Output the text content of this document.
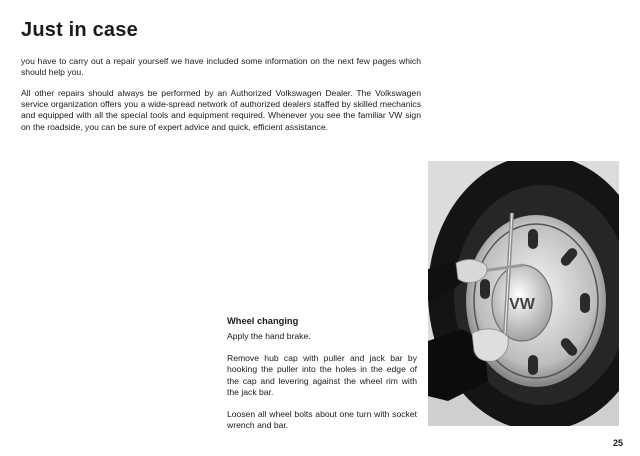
Just in case

you have to carry out a repair yourself we have included some information on the next few pages which should help you.

All other repairs should always be performed by an Authorized Volkswagen Dealer. The Volkswagen service organization offers you a wide-spread network of authorized dealers staffed by skilled mechanics and equipped with all the special tools and equipment required. Whenever you see the familiar VW sign on the roadside, you can be sure of expert advice and quick, efficient assistance.

VW
Wheel changing

Apply the hand brake.

Remove hub cap with puller and jack bar by hooking the puller into the holes in the edge of the cap and levering against the wheel rim with the jack bar.

Loosen all wheel bolts about one turn with socket wrench and bar.

25
